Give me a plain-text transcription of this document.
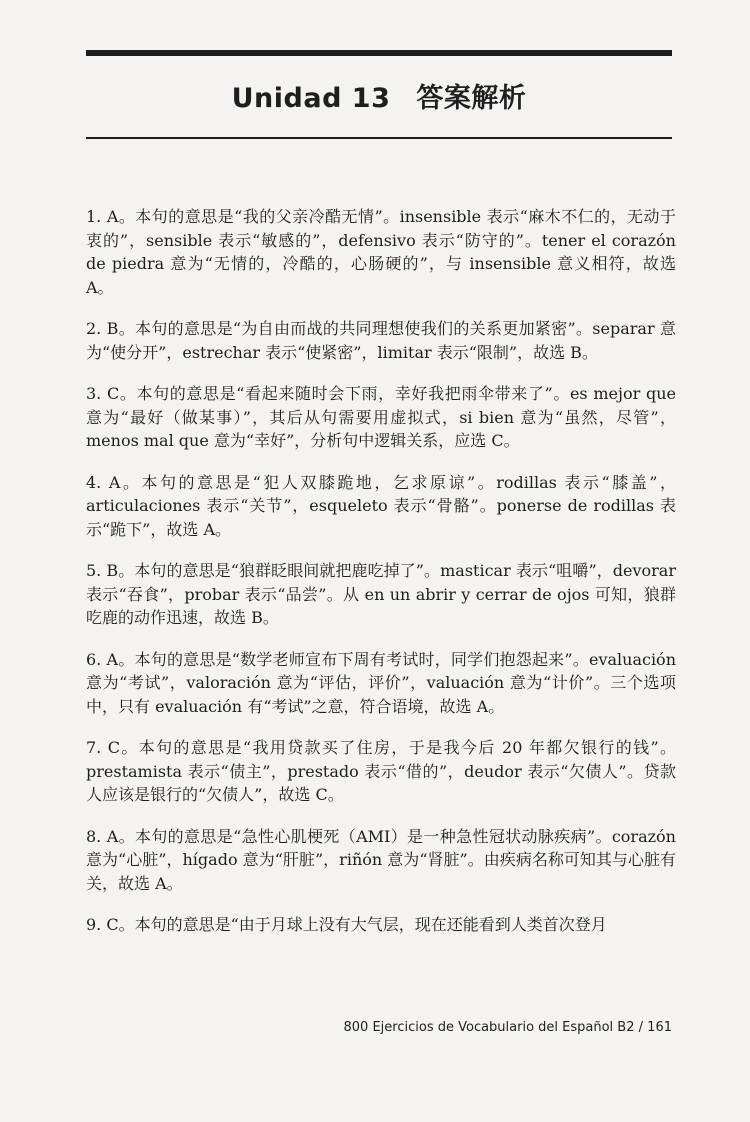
Unidad 13 答案解析

1. A。本句的意思是“我的父亲冷酷无情”。insensible 表示“麻木不仁的，无动于衷的”，sensible 表示“敏感的”，defensivo 表示“防守的”。tener el corazón de piedra 意为“无情的，冷酷的，心肠硬的”，与 insensible 意义相符，故选 A。

2. B。本句的意思是“为自由而战的共同理想使我们的关系更加紧密”。separar 意为“使分开”，estrechar 表示“使紧密”，limitar 表示“限制”，故选 B。

3. C。本句的意思是“看起来随时会下雨，幸好我把雨伞带来了”。es mejor que 意为“最好（做某事）”，其后从句需要用虚拟式，si bien 意为“虽然，尽管”，menos mal que 意为“幸好”，分析句中逻辑关系，应选 C。

4. A。本句的意思是“犯人双膝跪地，乞求原谅”。rodillas 表示“膝盖”，articulaciones 表示“关节”，esqueleto 表示“骨骼”。ponerse de rodillas 表示“跪下”，故选 A。

5. B。本句的意思是“狼群眨眼间就把鹿吃掉了”。masticar 表示“咀嚼”，devorar 表示“吞食”，probar 表示“品尝”。从 en un abrir y cerrar de ojos 可知，狼群吃鹿的动作迅速，故选 B。

6. A。本句的意思是“数学老师宣布下周有考试时，同学们抱怨起来”。evaluación 意为“考试”，valoración 意为“评估，评价”，valuación 意为“计价”。三个选项中，只有 evaluación 有“考试”之意，符合语境，故选 A。

7. C。本句的意思是“我用贷款买了住房，于是我今后 20 年都欠银行的钱”。prestamista 表示“债主”，prestado 表示“借的”，deudor 表示“欠债人”。贷款人应该是银行的“欠债人”，故选 C。

8. A。本句的意思是“急性心肌梗死（AMI）是一种急性冠状动脉疾病”。corazón 意为“心脏”，hígado 意为“肝脏”，riñón 意为“肾脏”。由疾病名称可知其与心脏有关，故选 A。

9. C。本句的意思是“由于月球上没有大气层，现在还能看到人类首次登月

800 Ejercicios de Vocabulario del Español B2 / 161
